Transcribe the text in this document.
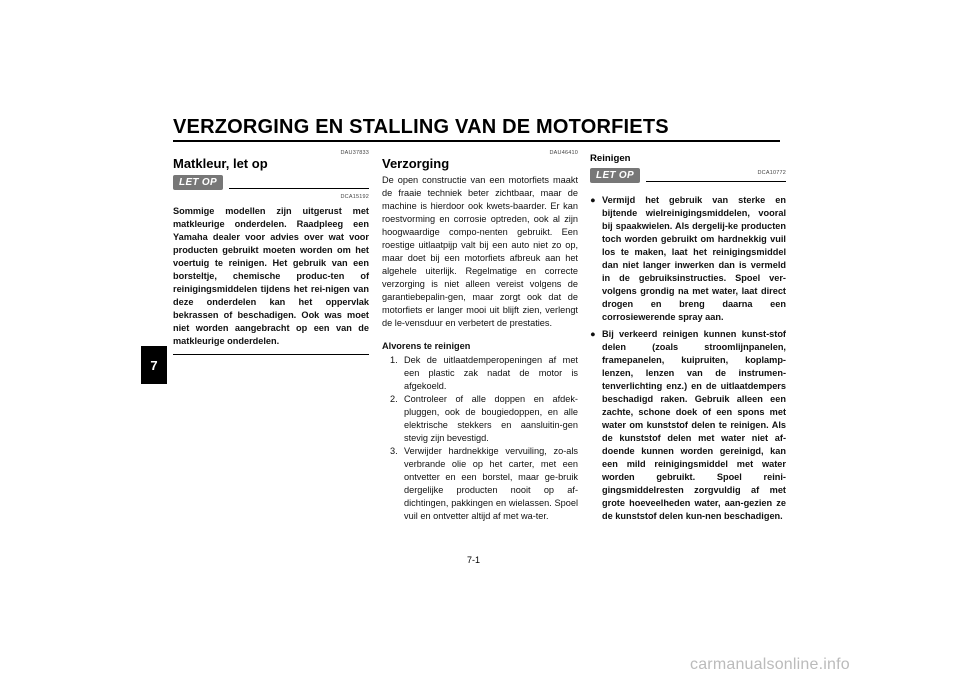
VERZORGING EN STALLING VAN DE MOTORFIETS
7
DAU37833
Matkleur, let op
LET OP
DCA15192

Sommige modellen zijn uitgerust met matkleurige onderdelen. Raadpleeg een Yamaha dealer voor advies over wat voor producten gebruikt moeten worden om het voertuig te reinigen. Het gebruik van een borsteltje, chemische produc-ten of reinigingsmiddelen tijdens het rei-nigen van deze onderdelen kan het oppervlak bekrassen of beschadigen. Ook was moet niet worden aangebracht op een van de matkleurige onderdelen.

DAU46410
Verzorging

De open constructie van een motorfiets maakt de fraaie techniek beter zichtbaar, maar de machine is hierdoor ook kwets-baarder. Er kan roestvorming en corrosie optreden, ook al zijn hoogwaardige compo-nenten gebruikt. Een roestige uitlaatpijp valt bij een auto niet zo op, maar doet bij een motorfiets afbreuk aan het algehele uiterlijk. Regelmatige en correcte verzorging is niet alleen vereist volgens de garantiebepalin-gen, maar zorgt ook dat de motorfiets er langer mooi uit blijft zien, verlengt de le-vensduur en verbetert de prestaties.

Alvorens te reinigen
1. Dek de uitlaatdemperopeningen af met een plastic zak nadat de motor is afgekoeld.
2. Controleer of alle doppen en afdek-pluggen, ook de bougiedoppen, en alle elektrische stekkers en aansluitin-gen stevig zijn bevestigd.
3. Verwijder hardnekkige vervuiling, zo-als verbrande olie op het carter, met een ontvetter en een borstel, maar ge-bruik dergelijke producten nooit op af-dichtingen, pakkingen en wielassen. Spoel vuil en ontvetter altijd af met wa-ter.
Reinigen
LET OP	DCA10772
● Vermijd het gebruik van sterke en bijtende wielreinigingsmiddelen, vooral bij spaakwielen. Als dergelij-ke producten toch worden gebruikt om hardnekkig vuil los te maken, laat het reinigingsmiddel dan niet langer inwerken dan is vermeld in de gebruiksinstructies. Spoel ver-volgens grondig na met water, laat direct drogen en breng daarna een corrosiewerende spray aan.
● Bij verkeerd reinigen kunnen kunst-stof delen (zoals stroomlijnpanelen, framepanelen, kuipruiten, koplamp-lenzen, lenzen van de instrumen-tenverlichting enz.) en de uitlaatdempers beschadigd raken. Gebruik alleen een zachte, schone doek of een spons met water om kunststof delen te reinigen. Als de kunststof delen met water niet af-doende kunnen worden gereinigd, kan een mild reinigingsmiddel met water worden gebruikt. Spoel reini-gingsmiddelresten zorgvuldig af met grote hoeveelheden water, aan-gezien ze de kunststof delen kun-nen beschadigen.
7-1
carmanualsonline.info
